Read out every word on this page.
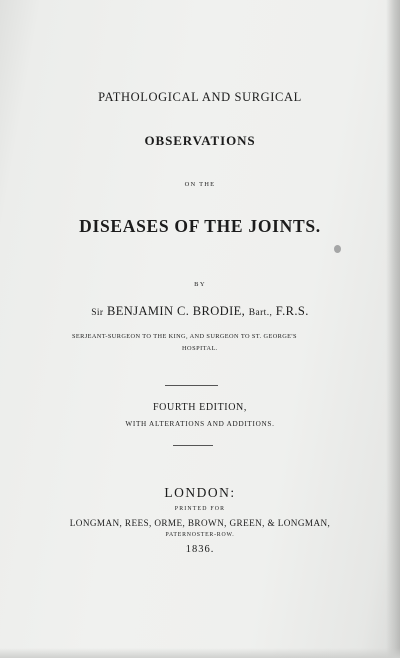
PATHOLOGICAL AND SURGICAL
OBSERVATIONS
ON THE
DISEASES OF THE JOINTS.
BY
Sir BENJAMIN C. BRODIE, Bart., F.R.S.
SERJEANT-SURGEON TO THE KING, AND SURGEON TO ST. GEORGE'S
HOSPITAL.
FOURTH EDITION,
WITH ALTERATIONS AND ADDITIONS.
LONDON:
PRINTED FOR
LONGMAN, REES, ORME, BROWN, GREEN, & LONGMAN,
PATERNOSTER-ROW.
1836.
